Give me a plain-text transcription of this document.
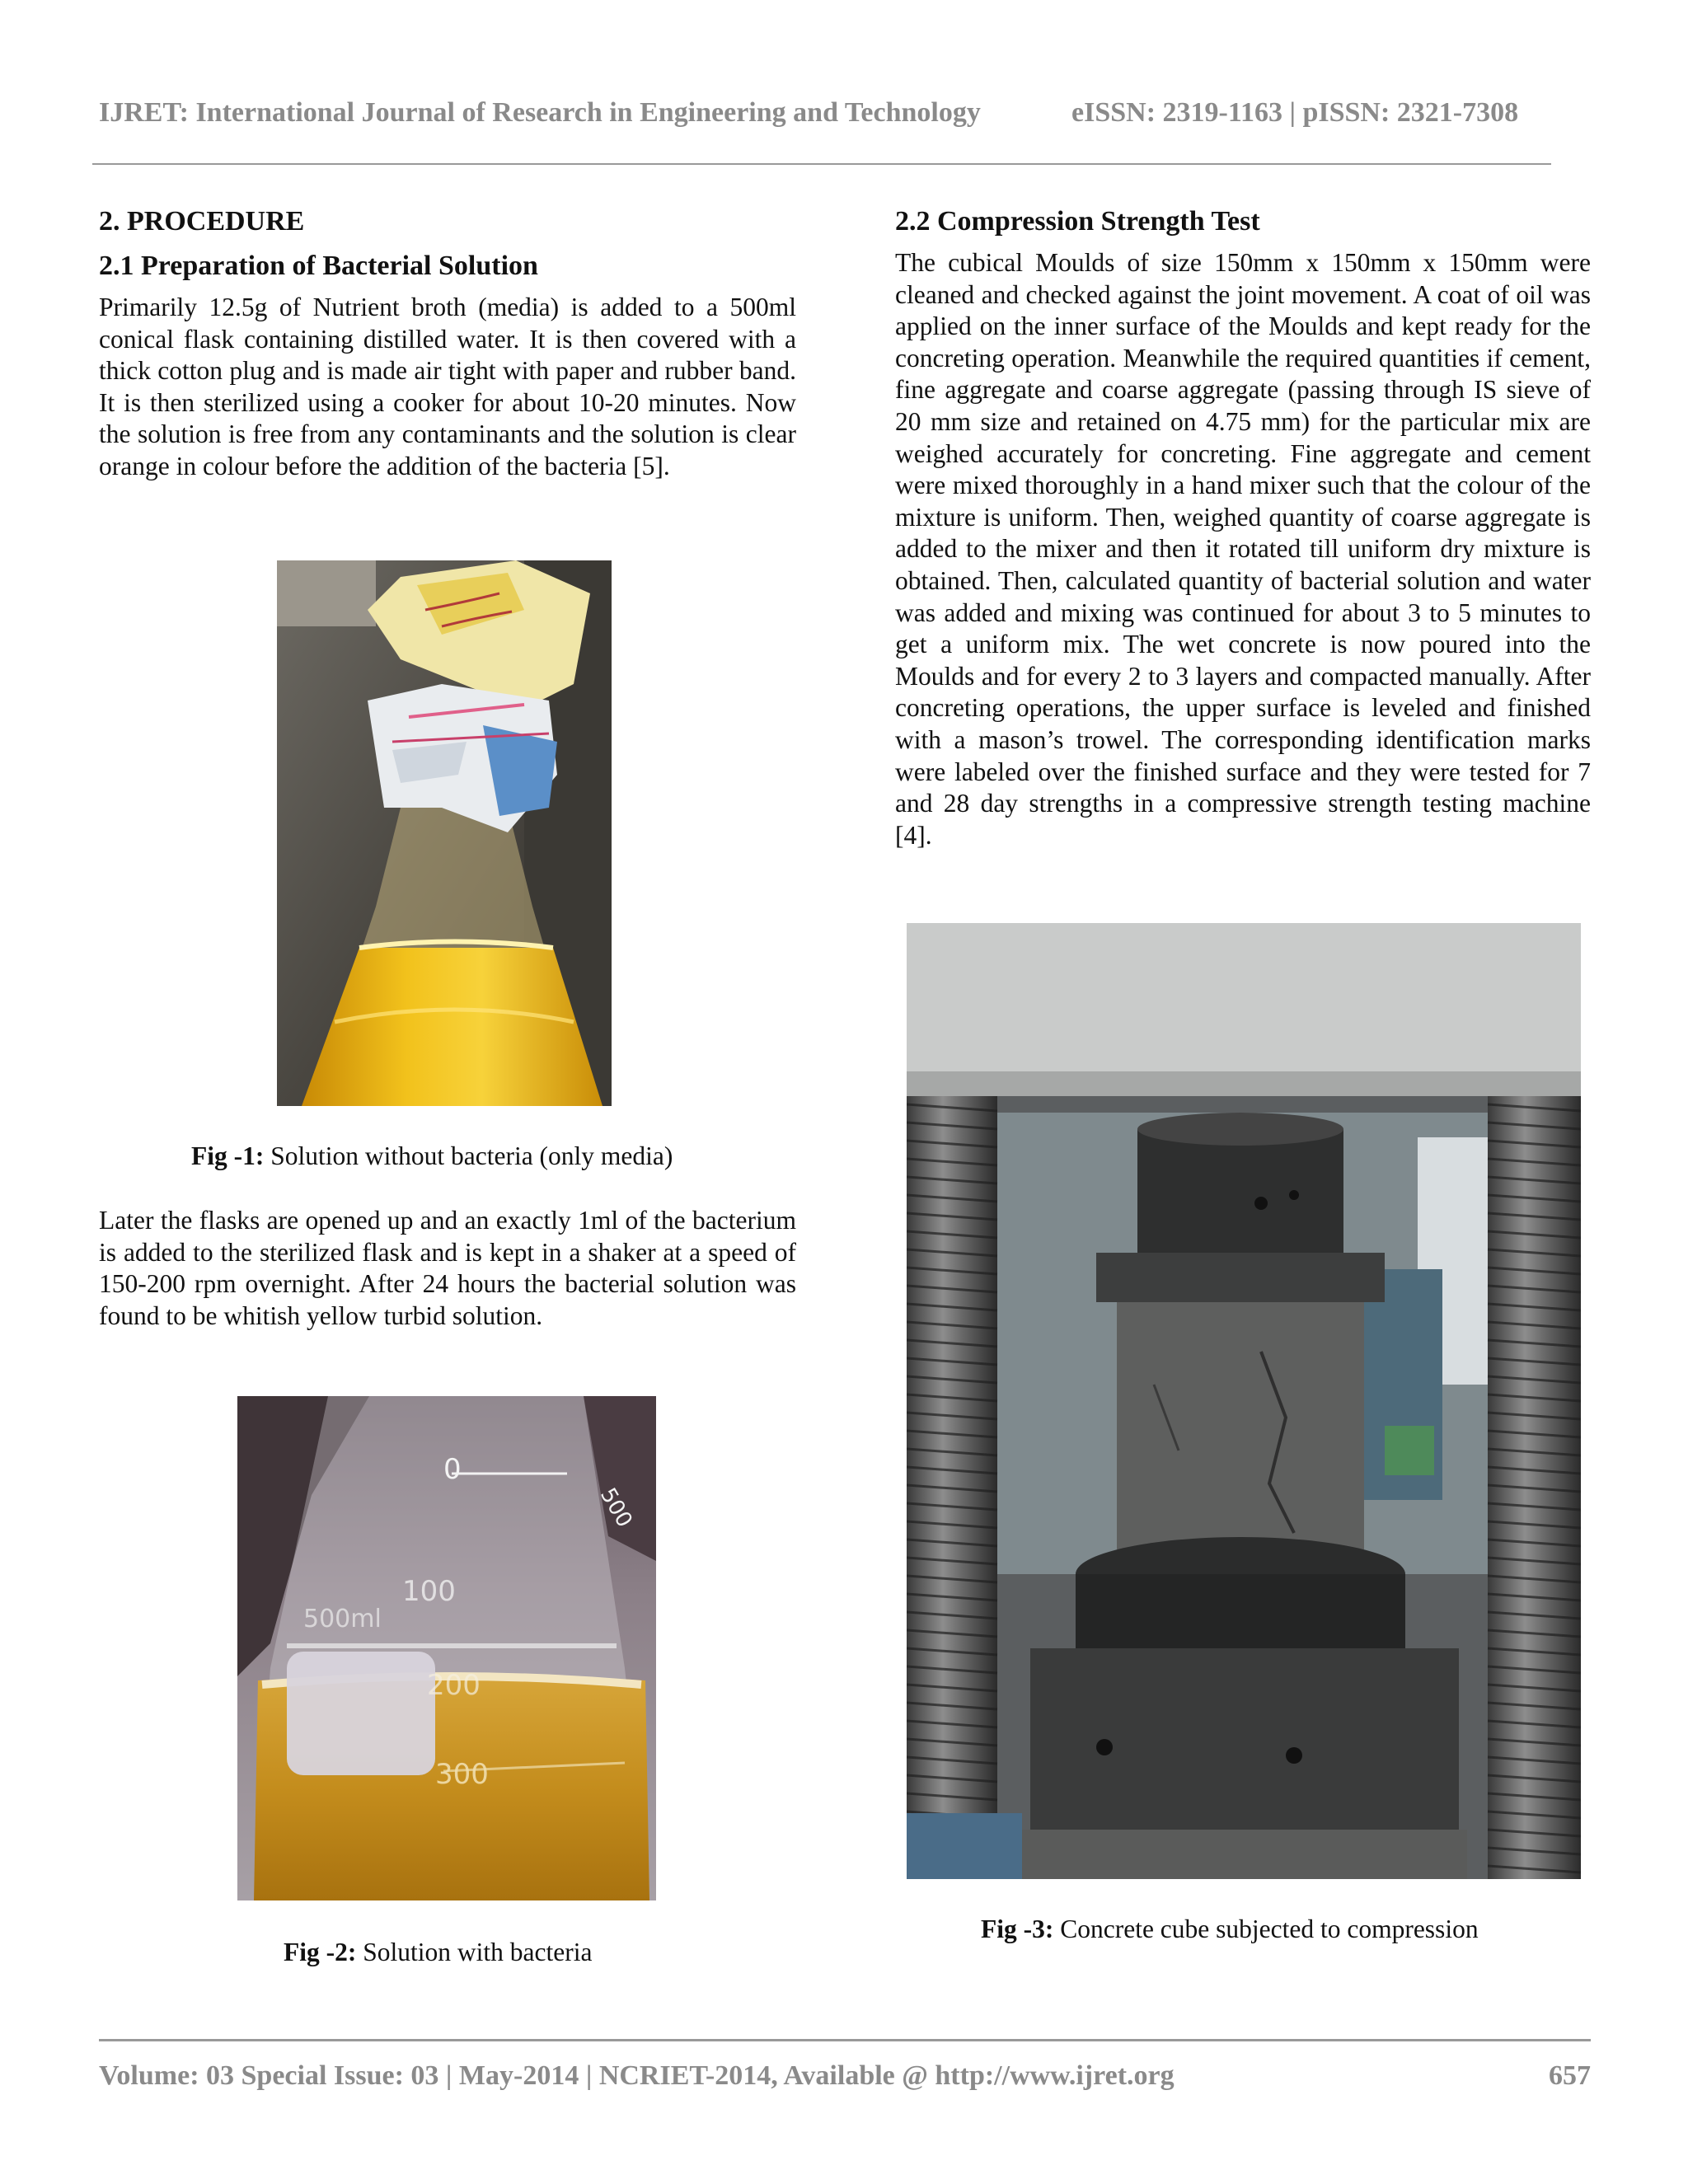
IJRET: International Journal of Research in Engineering and Technology	eISSN: 2319-1163 | pISSN: 2321-7308
2. PROCEDURE
2.1 Preparation of Bacterial Solution

Primarily 12.5g of Nutrient broth (media) is added to a 500ml conical flask containing distilled water. It is then covered with a thick cotton plug and is made air tight with paper and rubber band. It is then sterilized using a cooker for about 10-20 minutes. Now the solution is free from any contaminants and the solution is clear orange in colour before the addition of the bacteria [5].

Fig -1: Solution without bacteria (only media)

Later the flasks are opened up and an exactly 1ml of the bacterium is added to the sterilized flask and is kept in a shaker at a speed of 150-200 rpm overnight. After 24 hours the bacterial solution was found to be whitish yellow turbid solution.

0
100
200
300
500
500ml
Fig -2: Solution with bacteria
2.2 Compression Strength Test

The cubical Moulds of size 150mm x 150mm x 150mm were cleaned and checked against the joint movement. A coat of oil was applied on the inner surface of the Moulds and kept ready for the concreting operation. Meanwhile the required quantities if cement, fine aggregate and coarse aggregate (passing through IS sieve of 20 mm size and retained on 4.75 mm) for the particular mix are weighed accurately for concreting. Fine aggregate and cement were mixed thoroughly in a hand mixer such that the colour of the mixture is uniform. Then, weighed quantity of coarse aggregate is added to the mixer and then it rotated till uniform dry mixture is obtained. Then, calculated quantity of bacterial solution and water was added and mixing was continued for about 3 to 5 minutes to get a uniform mix. The wet concrete is now poured into the Moulds and for every 2 to 3 layers and compacted manually. After concreting operations, the upper surface is leveled and finished with a mason’s trowel. The corresponding identification marks were labeled over the finished surface and they were tested for 7 and 28 day strengths in a compressive strength testing machine [4].

Fig -3: Concrete cube subjected to compression
Volume: 03 Special Issue: 03 | May-2014 | NCRIET-2014, Available @ http://www.ijret.org	657
